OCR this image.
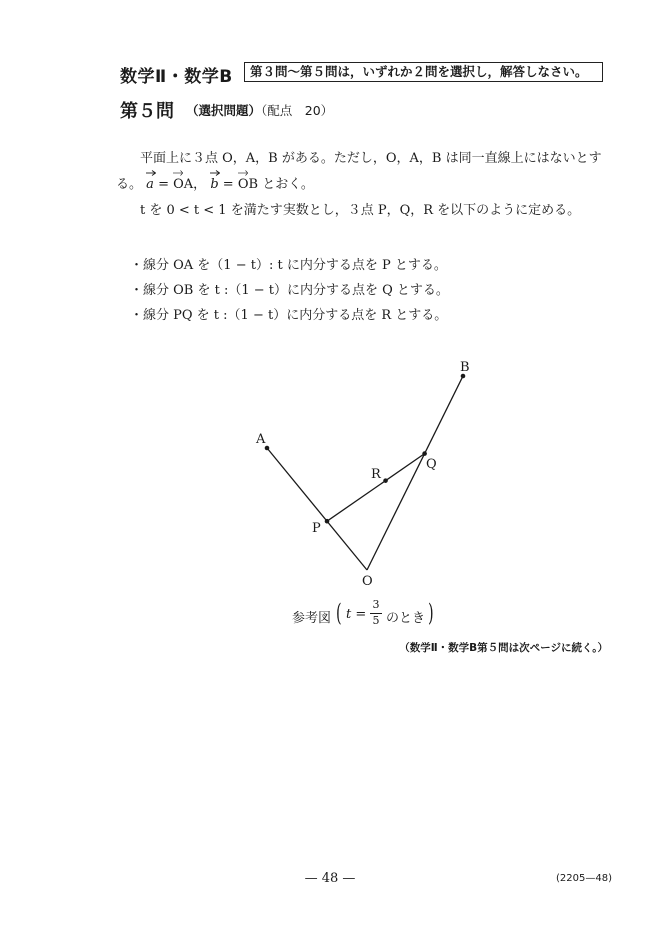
数学Ⅱ・数学B	第３問〜第５問は，いずれか２問を選択し，解答しなさい。
第５問 （選択問題）（配点　20）
平面上に３点 O，A，B がある。ただし，O，A，B は同一直線上にはないとす
る。 a = OA， b = OB とおく。
t を 0 < t < 1 を満たす実数とし，３点 P，Q，R を以下のように定める。
・線分 OA を（1 − t）: t に内分する点を P とする。
・線分 OB を t :（1 − t）に内分する点を Q とする。
・線分 PQ を t :（1 − t）に内分する点を R とする。
A
B
P
Q
R
O
参考図 ( t =
3
5 のとき )
（数学Ⅱ・数学B第５問は次ページに続く。）
— 48 —	(2205—48)
